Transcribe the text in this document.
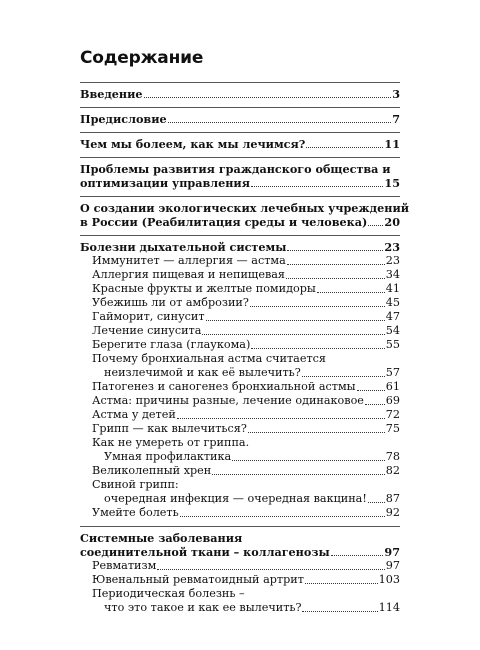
Содержание
Введение	3
Предисловие	7
Чем мы болеем, как мы лечимся?	11
Проблемы развития гражданского общества и
оптимизации управления	15
О создании экологических лечебных учреждений
в России (Реабилитация среды и человека) 20
Болезни дыхательной системы	23
Иммунитет — аллергия — астма	23
Аллергия пищевая и непищевая	34
Красные фрукты и желтые помидоры	41
Убежишь ли от амброзии?	45
Гайморит, синусит	47
Лечение синусита	54
Берегите глаза (глаукома)	55
Почему бронхиальная астма считается
неизлечимой и как её вылечить?	57
Патогенез и саногенез бронхиальной астмы	61
Астма: причины разные, лечение одинаковое 69
Астма у детей	72
Грипп — как вылечиться?	75
Как не умереть от гриппа.
Умная профилактика	78
Великолепный хрен	82
Свиной грипп:
очередная инфекция — очередная вакцина! 87
Умейте болеть	92
Системные заболевания
соединительной ткани – коллагенозы	97
Ревматизм	97
Ювенальный ревматоидный артрит	103
Периодическая болезнь –
что это такое и как ее вылечить?	114
